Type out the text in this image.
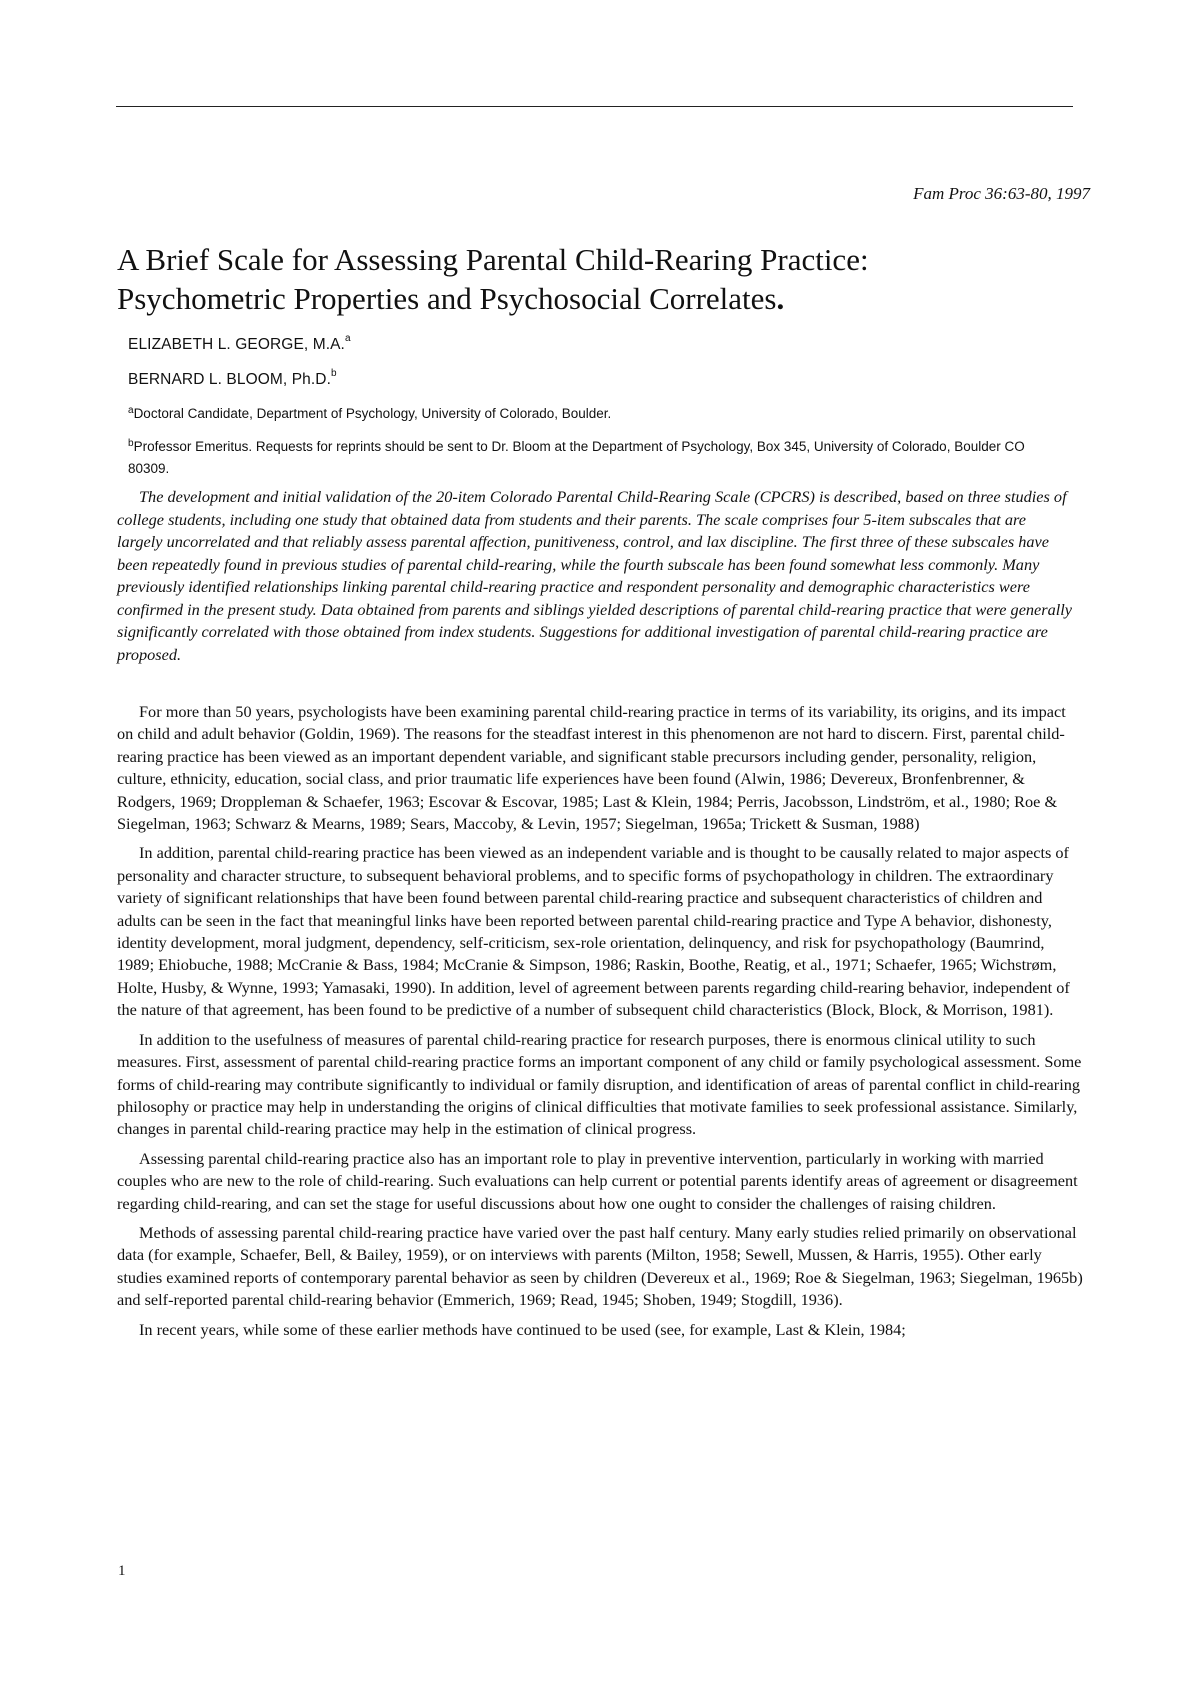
Fam Proc 36:63-80, 1997
A Brief Scale for Assessing Parental Child-Rearing Practice:
Psychometric Properties and Psychosocial Correlates.
ELIZABETH L. GEORGE, M.A.$^a$
BERNARD L. BLOOM, Ph.D.$^b$
$^a$Doctoral Candidate, Department of Psychology, University of Colorado, Boulder.
$^b$Professor Emeritus. Requests for reprints should be sent to Dr. Bloom at the Department of Psychology, Box 345, University of Colorado, Boulder CO 80309.

The development and initial validation of the 20-item Colorado Parental Child-Rearing Scale (CPCRS) is described, based on three studies of college students, including one study that obtained data from students and their parents. The scale comprises four 5-item subscales that are largely uncorrelated and that reliably assess parental affection, punitiveness, control, and lax discipline. The first three of these subscales have been repeatedly found in previous studies of parental child-rearing, while the fourth subscale has been found somewhat less commonly. Many previously identified relationships linking parental child-rearing practice and respondent personality and demographic characteristics were confirmed in the present study. Data obtained from parents and siblings yielded descriptions of parental child-rearing practice that were generally significantly correlated with those obtained from index students. Suggestions for additional investigation of parental child-rearing practice are proposed.

For more than 50 years, psychologists have been examining parental child-rearing practice in terms of its variability, its origins, and its impact on child and adult behavior (Goldin, 1969). The reasons for the steadfast interest in this phenomenon are not hard to discern. First, parental child-rearing practice has been viewed as an important dependent variable, and significant stable precursors including gender, personality, religion, culture, ethnicity, education, social class, and prior traumatic life experiences have been found (Alwin, 1986; Devereux, Bronfenbrenner, & Rodgers, 1969; Droppleman & Schaefer, 1963; Escovar & Escovar, 1985; Last & Klein, 1984; Perris, Jacobsson, Lindström, et al., 1980; Roe & Siegelman, 1963; Schwarz & Mearns, 1989; Sears, Maccoby, & Levin, 1957; Siegelman, 1965a; Trickett & Susman, 1988)

In addition, parental child-rearing practice has been viewed as an independent variable and is thought to be causally related to major aspects of personality and character structure, to subsequent behavioral problems, and to specific forms of psychopathology in children. The extraordinary variety of significant relationships that have been found between parental child-rearing practice and subsequent characteristics of children and adults can be seen in the fact that meaningful links have been reported between parental child-rearing practice and Type A behavior, dishonesty, identity development, moral judgment, dependency, self-criticism, sex-role orientation, delinquency, and risk for psychopathology (Baumrind, 1989; Ehiobuche, 1988; McCranie & Bass, 1984; McCranie & Simpson, 1986; Raskin, Boothe, Reatig, et al., 1971; Schaefer, 1965; Wichstrøm, Holte, Husby, & Wynne, 1993; Yamasaki, 1990). In addition, level of agreement between parents regarding child-rearing behavior, independent of the nature of that agreement, has been found to be predictive of a number of subsequent child characteristics (Block, Block, & Morrison, 1981).

In addition to the usefulness of measures of parental child-rearing practice for research purposes, there is enormous clinical utility to such measures. First, assessment of parental child-rearing practice forms an important component of any child or family psychological assessment. Some forms of child-rearing may contribute significantly to individual or family disruption, and identification of areas of parental conflict in child-rearing philosophy or practice may help in understanding the origins of clinical difficulties that motivate families to seek professional assistance. Similarly, changes in parental child-rearing practice may help in the estimation of clinical progress.

Assessing parental child-rearing practice also has an important role to play in preventive intervention, particularly in working with married couples who are new to the role of child-rearing. Such evaluations can help current or potential parents identify areas of agreement or disagreement regarding child-rearing, and can set the stage for useful discussions about how one ought to consider the challenges of raising children.

Methods of assessing parental child-rearing practice have varied over the past half century. Many early studies relied primarily on observational data (for example, Schaefer, Bell, & Bailey, 1959), or on interviews with parents (Milton, 1958; Sewell, Mussen, & Harris, 1955). Other early studies examined reports of contemporary parental behavior as seen by children (Devereux et al., 1969; Roe & Siegelman, 1963; Siegelman, 1965b) and self-reported parental child-rearing behavior (Emmerich, 1969; Read, 1945; Shoben, 1949; Stogdill, 1936).

In recent years, while some of these earlier methods have continued to be used (see, for example, Last & Klein, 1984;

1
